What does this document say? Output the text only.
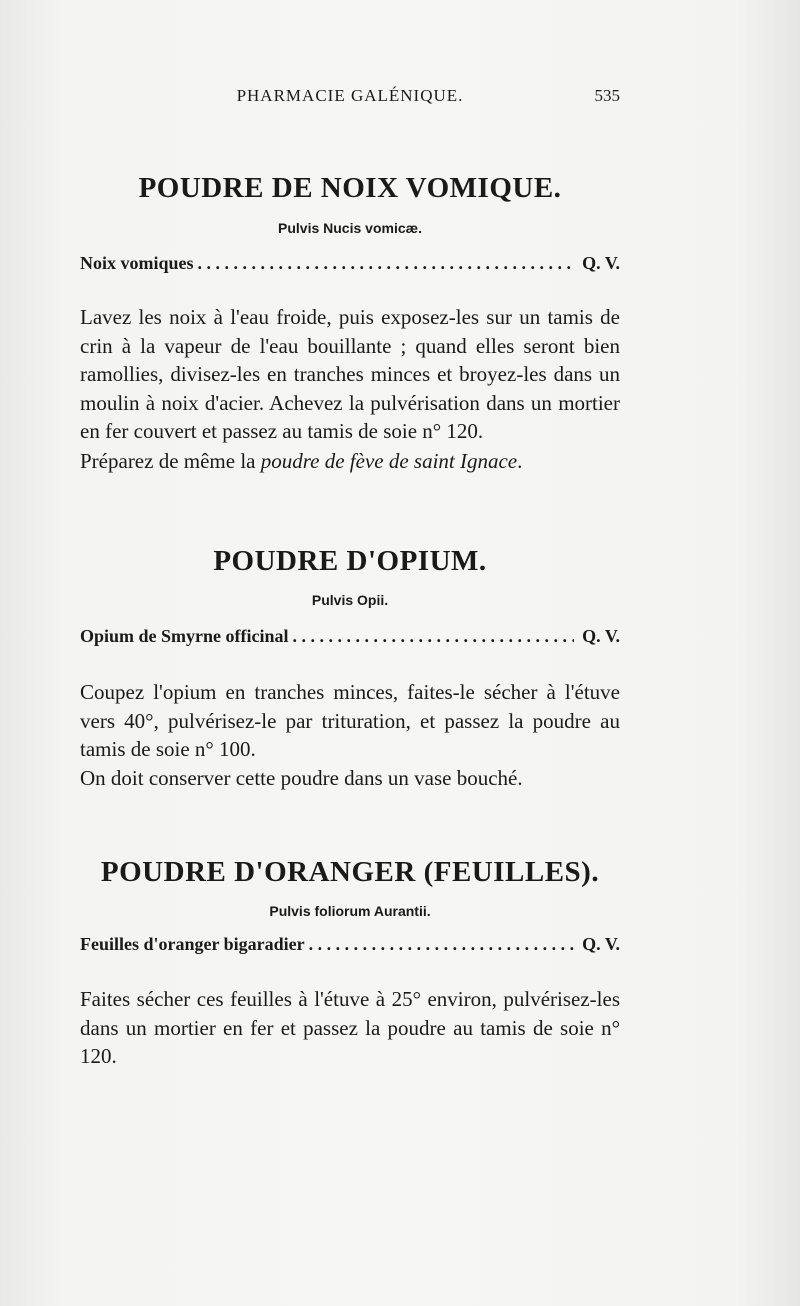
PHARMACIE GALÉNIQUE.	535
POUDRE DE NOIX VOMIQUE.
Pulvis Nucis vomicæ.
Noix vomiques . . .	Q. V.

Lavez les noix à l'eau froide, puis exposez-les sur un tamis de crin à la vapeur de l'eau bouillante ; quand elles seront bien ramollies, divisez-les en tranches minces et broyez-les dans un moulin à noix d'acier. Achevez la pulvérisation dans un mortier en fer couvert et passez au tamis de soie n° 120.

Préparez de même la poudre de fève de saint Ignace.

POUDRE D'OPIUM.
Pulvis Opii.
Opium de Smyrne officinal . . .	Q. V.

Coupez l'opium en tranches minces, faites-le sécher à l'étuve vers 40°, pulvérisez-le par trituration, et passez la poudre au tamis de soie n° 100.

On doit conserver cette poudre dans un vase bouché.

POUDRE D'ORANGER (FEUILLES).
Pulvis foliorum Aurantii.
Feuilles d'oranger bigaradier . . .	Q. V.

Faites sécher ces feuilles à l'étuve à 25° environ, pulvérisez-les dans un mortier en fer et passez la poudre au tamis de soie n° 120.
